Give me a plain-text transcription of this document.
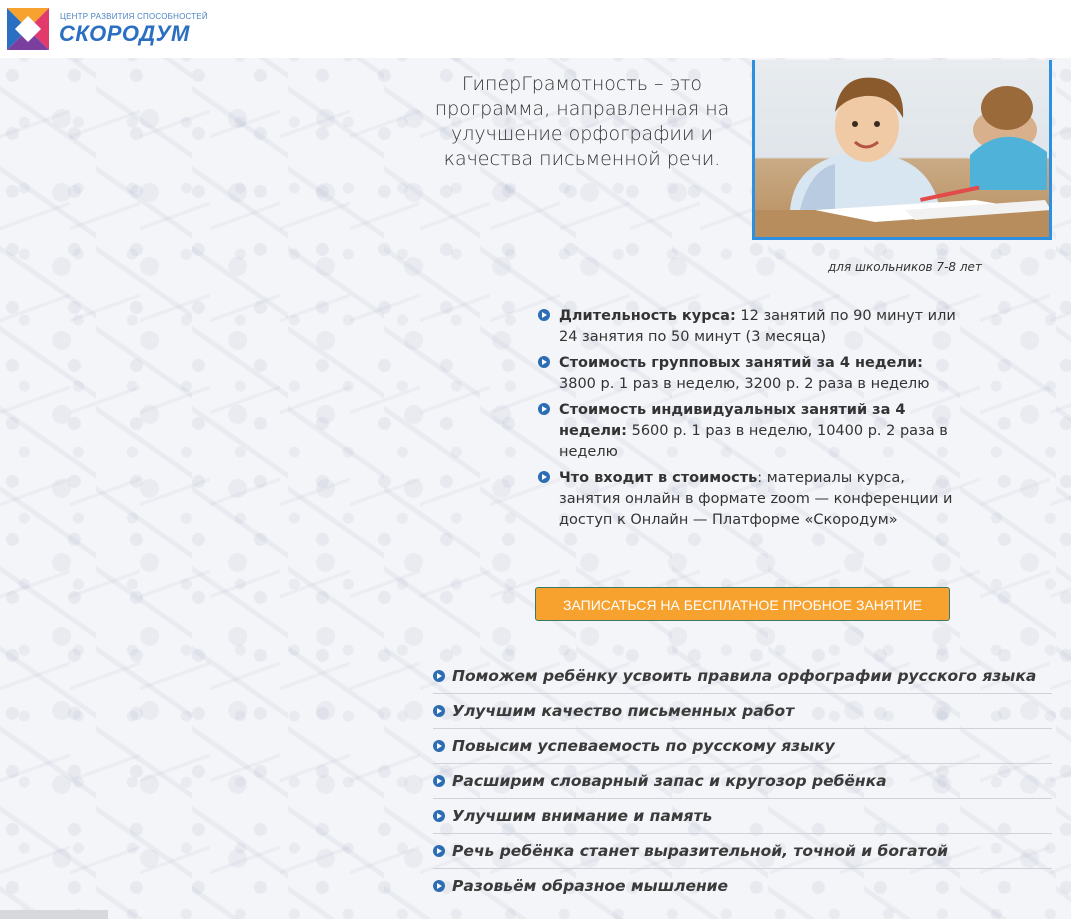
ЦЕНТР РАЗВИТИЯ СПОСОБНОСТЕЙ
СКОРОДУМ
ГиперГрамотность – это программа, направленная на улучшение орфографии и качества письменной речи.
для школьников 7-8 лет
Длительность курса: 12 занятий по 90 минут или 24 занятия по 50 минут (3 месяца)
Стоимость групповых занятий за 4 недели: 3800 р. 1 раз в неделю, 3200 р. 2 раза в неделю
Стоимость индивидуальных занятий за 4 недели: 5600 р. 1 раз в неделю, 10400 р. 2 раза в неделю
Что входит в стоимость: материалы курса, занятия онлайн в формате zoom — конференции и доступ к Онлайн — Платформе «Скородум»
ЗАПИСАТЬСЯ НА БЕСПЛАТНОЕ ПРОБНОЕ ЗАНЯТИЕ
Поможем ребёнку усвоить правила орфографии русского языка
Улучшим качество письменных работ
Повысим успеваемость по русскому языку
Расширим словарный запас и кругозор ребёнка
Улучшим внимание и память
Речь ребёнка станет выразительной, точной и богатой
Разовьём образное мышление
